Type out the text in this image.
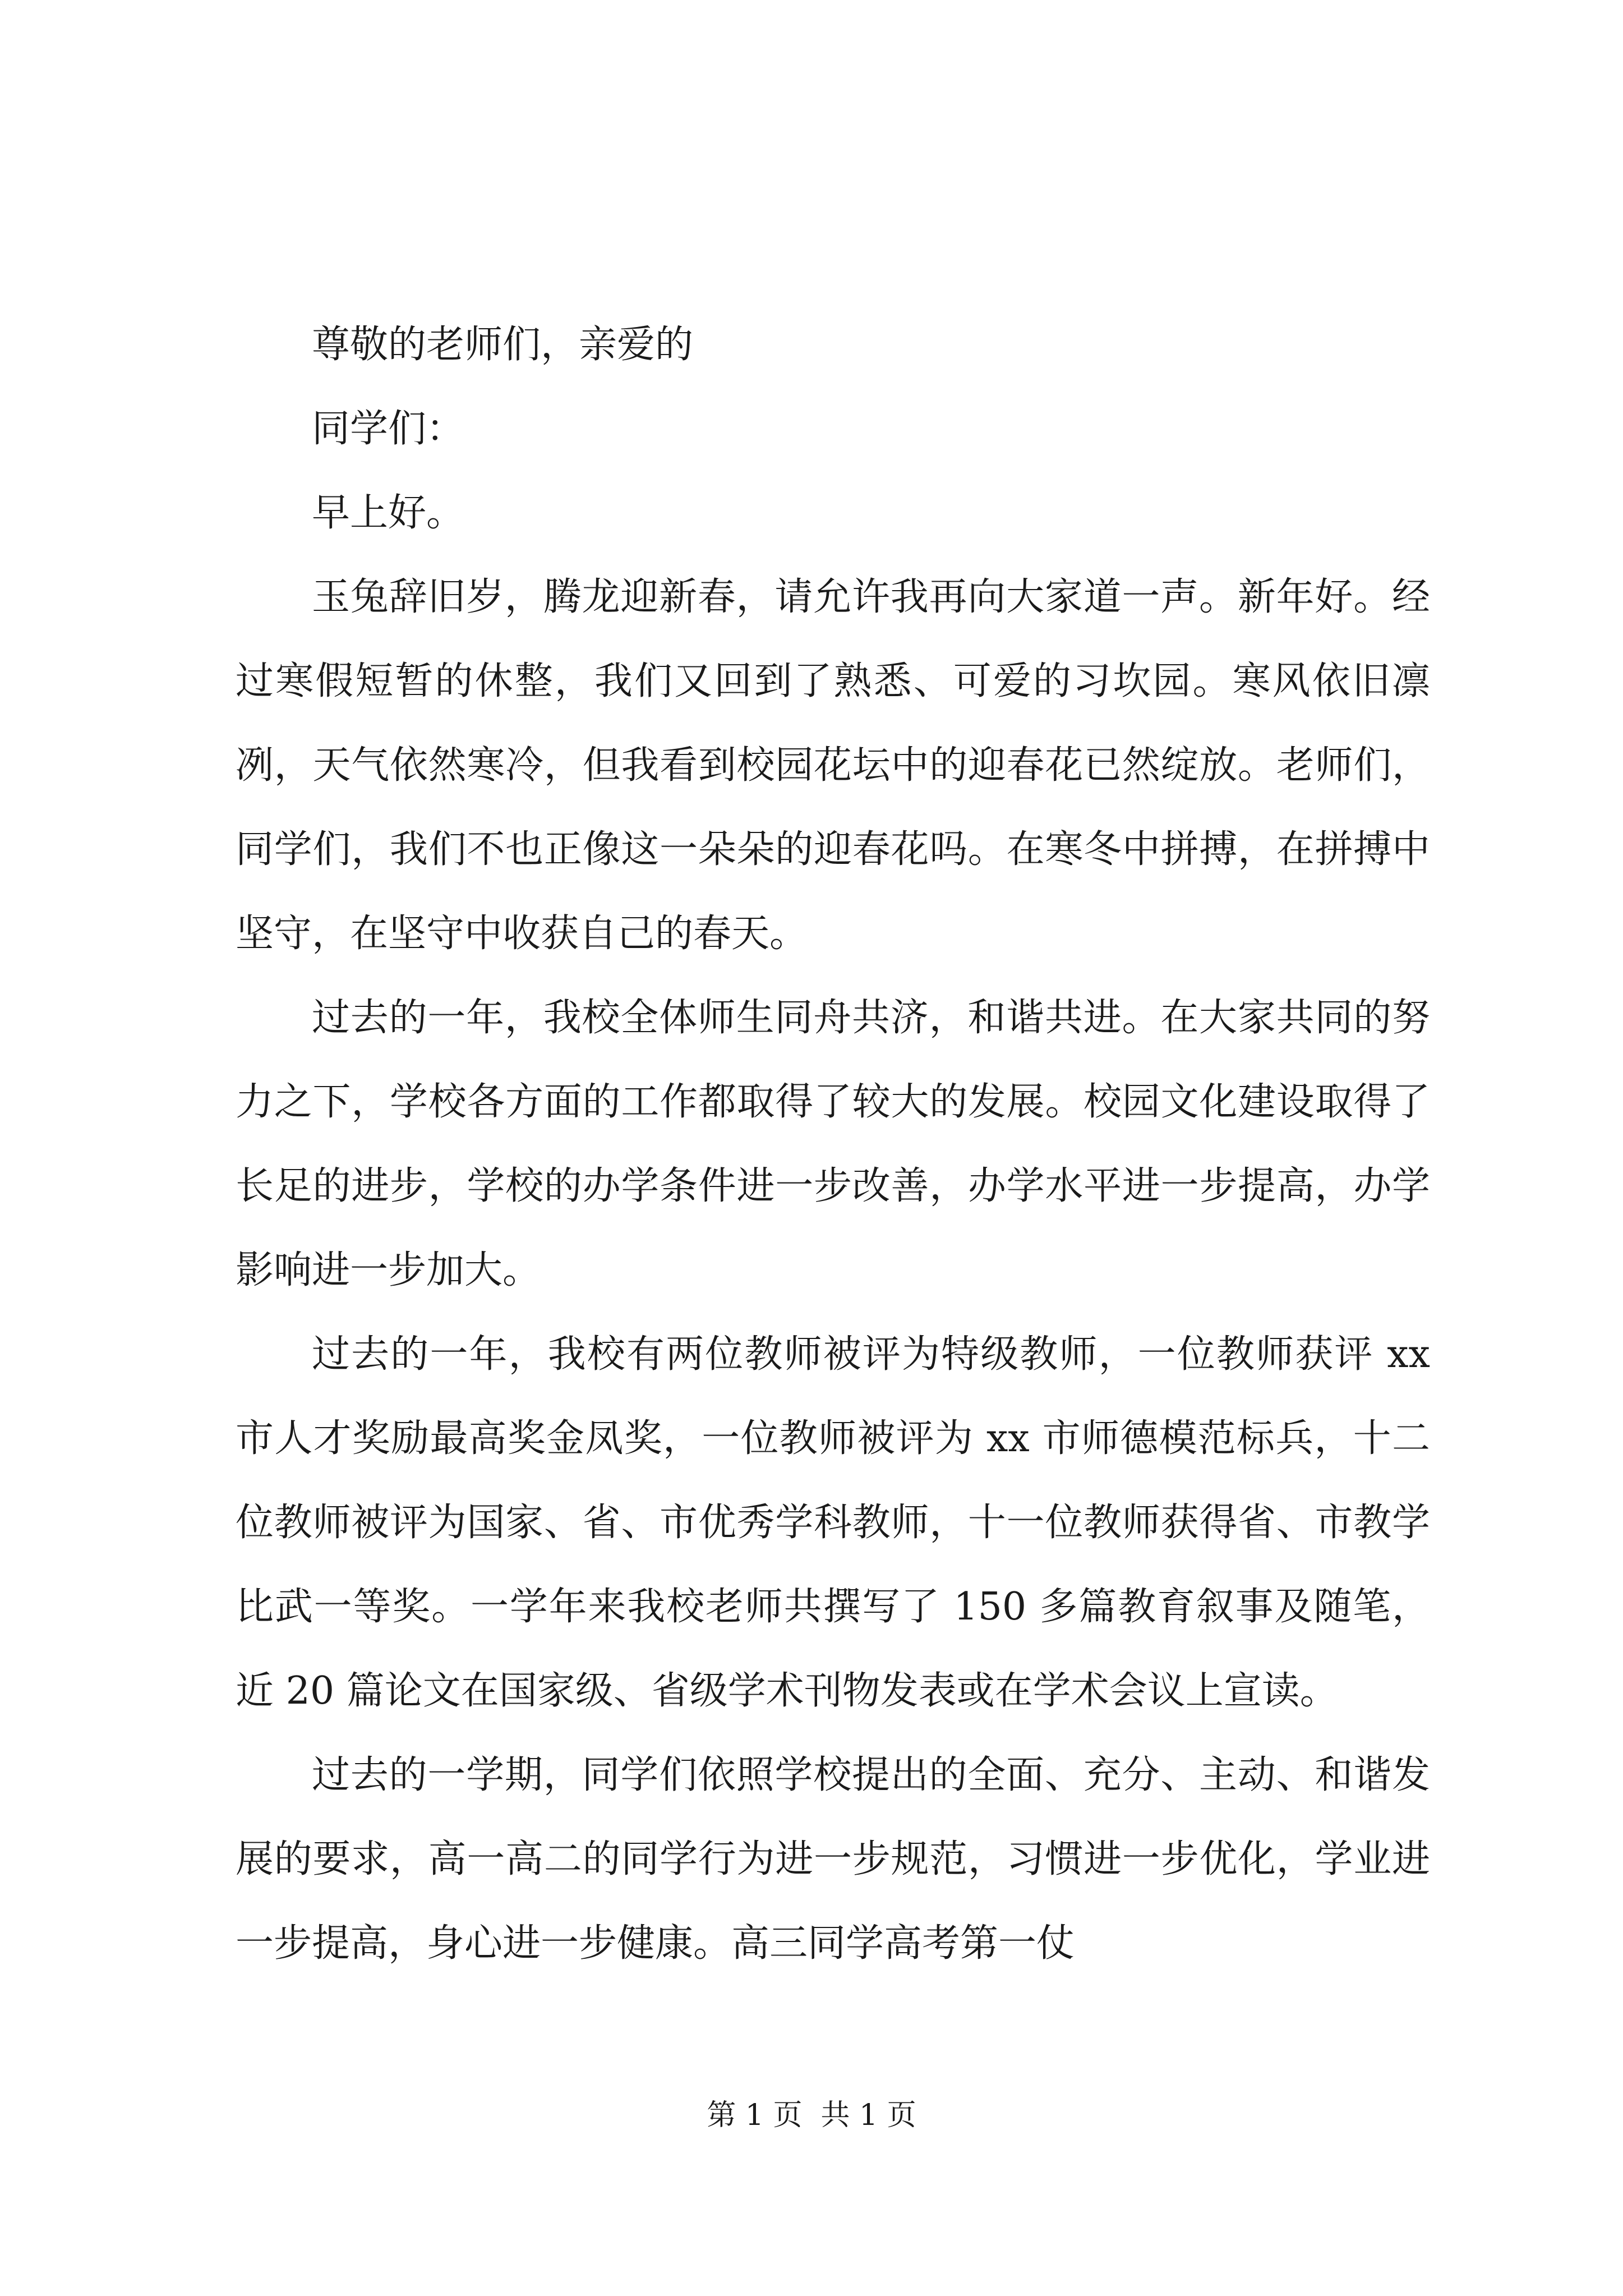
尊敬的老师们，亲爱的

同学们：

早上好。

玉兔辞旧岁，腾龙迎新春，请允许我再向大家道一声。新年好。经过寒假短暂的休整，我们又回到了熟悉、可爱的习坎园。寒风依旧凛冽，天气依然寒冷，但我看到校园花坛中的迎春花已然绽放。老师们，同学们，我们不也正像这一朵朵的迎春花吗。在寒冬中拼搏，在拼搏中坚守，在坚守中收获自己的春天。

过去的一年，我校全体师生同舟共济，和谐共进。在大家共同的努力之下，学校各方面的工作都取得了较大的发展。校园文化建设取得了长足的进步，学校的办学条件进一步改善，办学水平进一步提高，办学影响进一步加大。

过去的一年，我校有两位教师被评为特级教师，一位教师获评 xx 市人才奖励最高奖金凤奖，一位教师被评为 xx 市师德模范标兵，十二位教师被评为国家、省、市优秀学科教师，十一位教师获得省、市教学比武一等奖。一学年来我校老师共撰写了 150 多篇教育叙事及随笔，近 20 篇论文在国家级、省级学术刊物发表或在学术会议上宣读。

过去的一学期，同学们依照学校提出的全面、充分、主动、和谐发展的要求，高一高二的同学行为进一步规范，习惯进一步优化，学业进一步提高，身心进一步健康。高三同学高考第一仗

第 1 页  共 1 页
